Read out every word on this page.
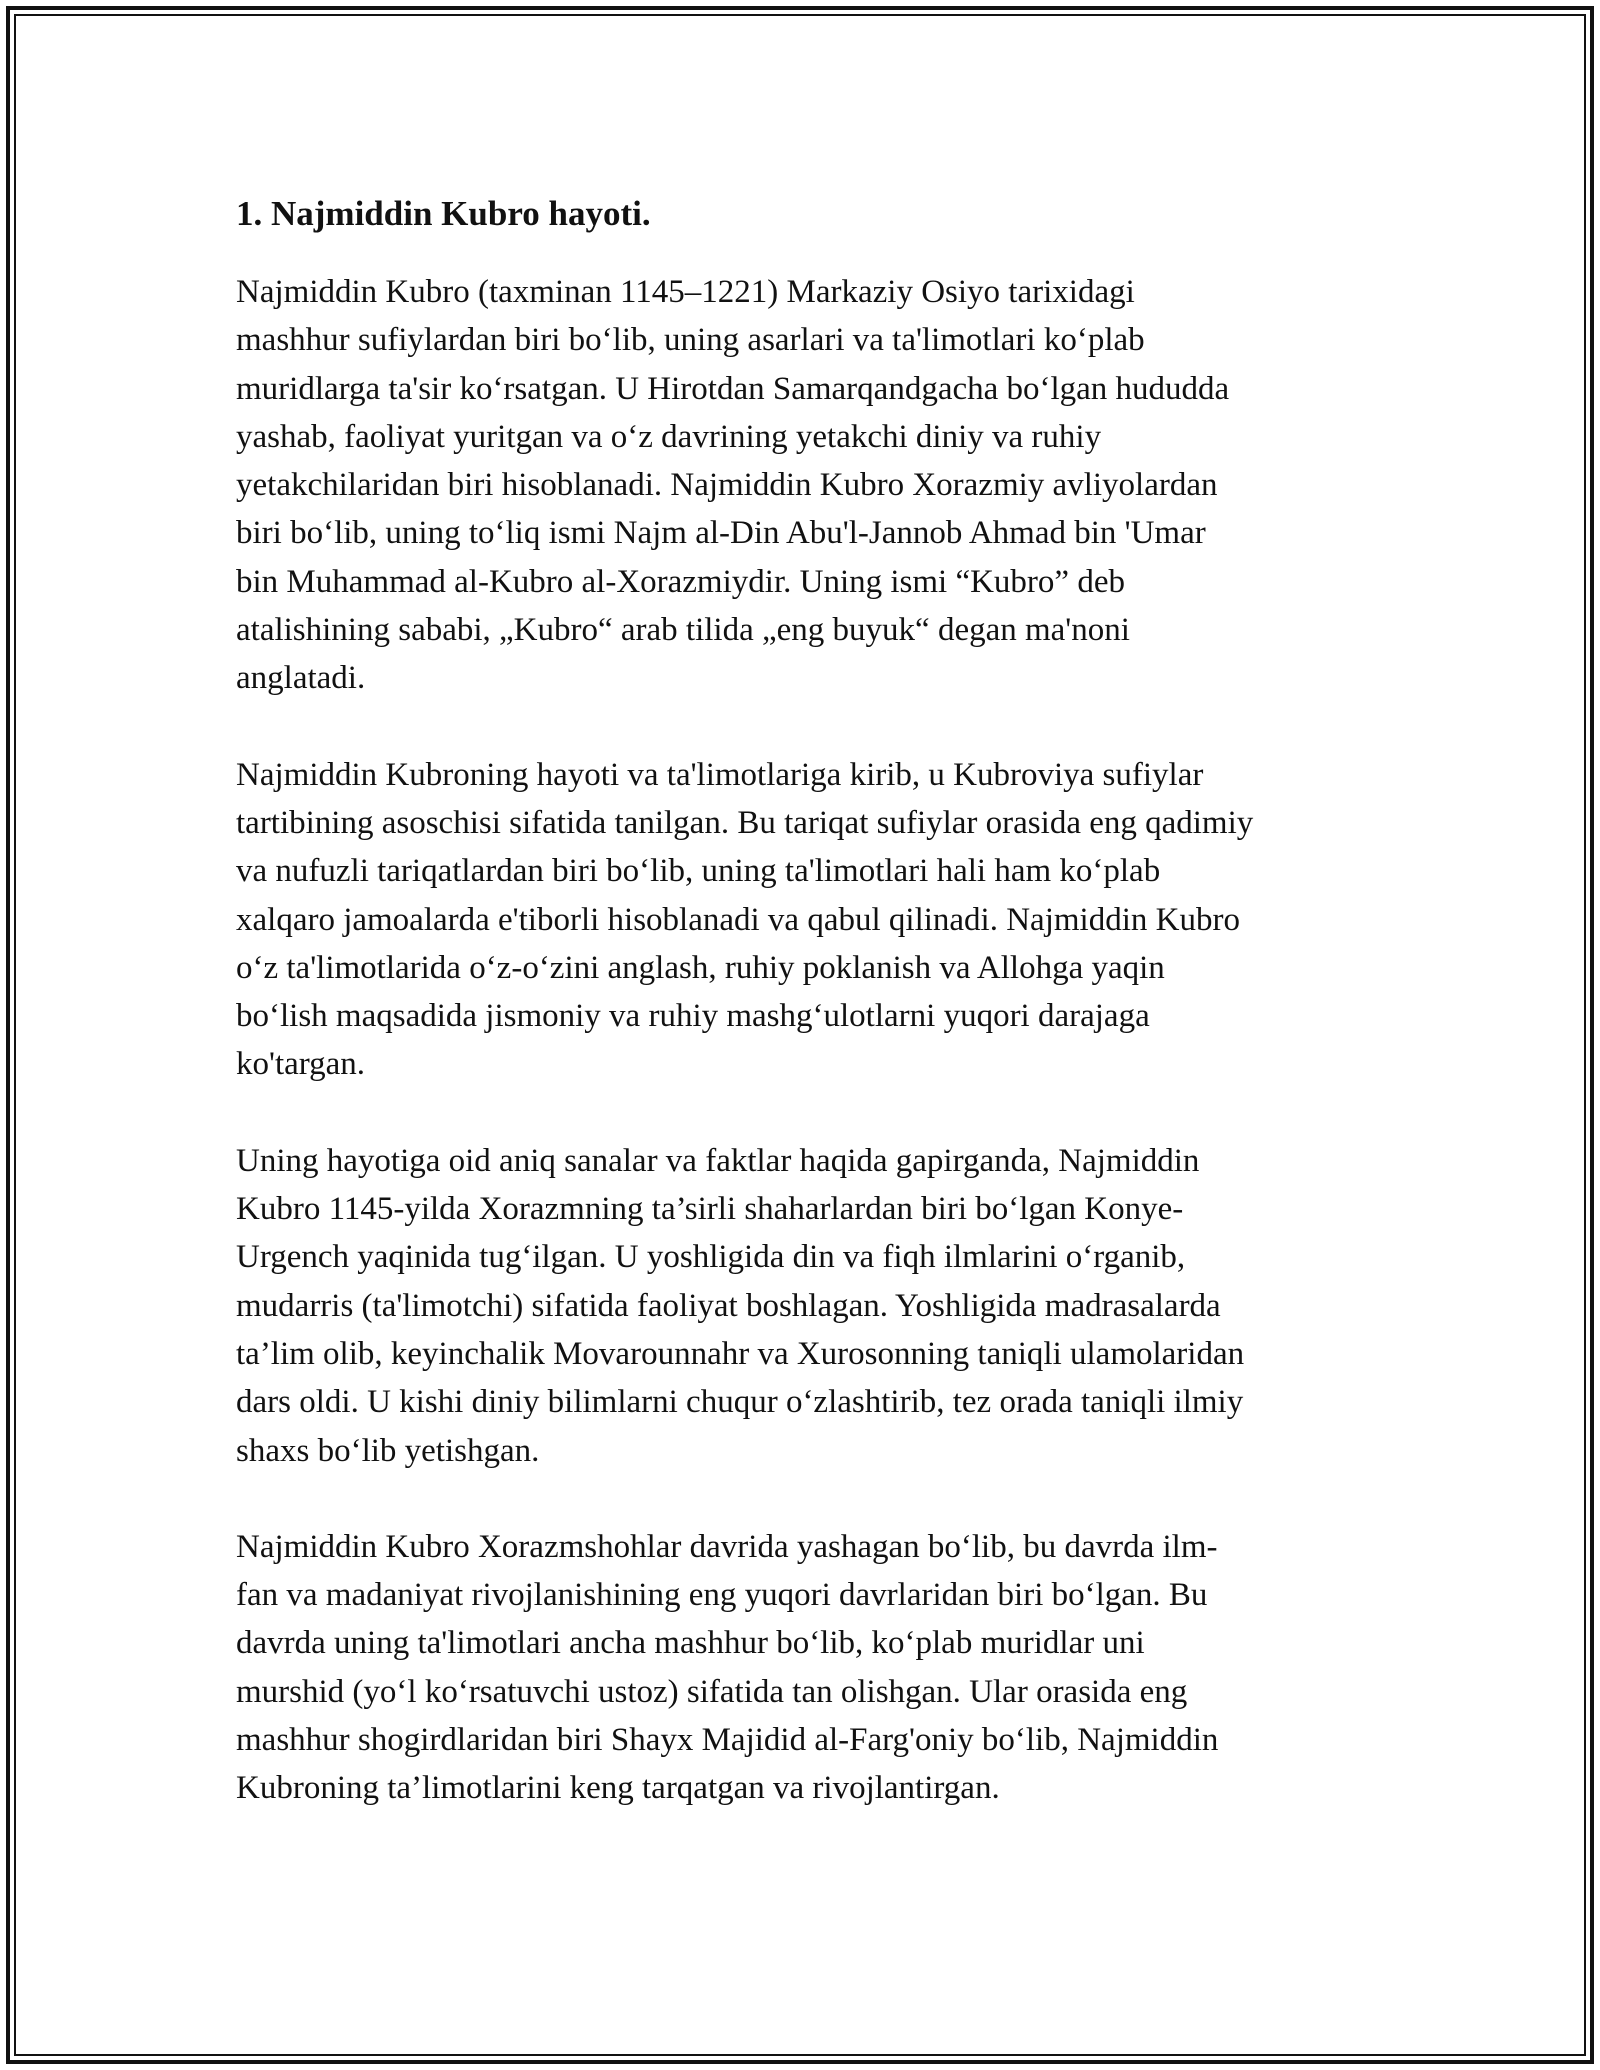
1. Najmiddin Kubro hayoti.

Najmiddin Kubro (taxminan 1145–1221) Markaziy Osiyo tarixidagi
mashhur sufiylardan biri boʻlib, uning asarlari va ta'limotlari koʻplab
muridlarga ta'sir koʻrsatgan. U Hirotdan Samarqandgacha boʻlgan hududda
yashab, faoliyat yuritgan va oʻz davrining yetakchi diniy va ruhiy
yetakchilaridan biri hisoblanadi. Najmiddin Kubro Xorazmiy avliyolardan
biri boʻlib, uning toʻliq ismi Najm al-Din Abu'l-Jannob Ahmad bin 'Umar
bin Muhammad al-Kubro al-Xorazmiydir. Uning ismi “Kubro” deb
atalishining sababi, „Kubro“ arab tilida „eng buyuk“ degan ma'noni
anglatadi.

Najmiddin Kubroning hayoti va ta'limotlariga kirib, u Kubroviya sufiylar
tartibining asoschisi sifatida tanilgan. Bu tariqat sufiylar orasida eng qadimiy
va nufuzli tariqatlardan biri boʻlib, uning ta'limotlari hali ham koʻplab
xalqaro jamoalarda e'tiborli hisoblanadi va qabul qilinadi. Najmiddin Kubro
oʻz ta'limotlarida oʻz-oʻzini anglash, ruhiy poklanish va Allohga yaqin
boʻlish maqsadida jismoniy va ruhiy mashgʻulotlarni yuqori darajaga
ko'targan.

Uning hayotiga oid aniq sanalar va faktlar haqida gapirganda, Najmiddin
Kubro 1145-yilda Xorazmning ta’sirli shaharlardan biri boʻlgan Konye-
Urgench yaqinida tugʻilgan. U yoshligida din va fiqh ilmlarini oʻrganib,
mudarris (ta'limotchi) sifatida faoliyat boshlagan. Yoshligida madrasalarda
ta’lim olib, keyinchalik Movarounnahr va Xurosonning taniqli ulamolaridan
dars oldi. U kishi diniy bilimlarni chuqur oʻzlashtirib, tez orada taniqli ilmiy
shaxs boʻlib yetishgan.

Najmiddin Kubro Xorazmshohlar davrida yashagan boʻlib, bu davrda ilm-
fan va madaniyat rivojlanishining eng yuqori davrlaridan biri boʻlgan. Bu
davrda uning ta'limotlari ancha mashhur boʻlib, koʻplab muridlar uni
murshid (yoʻl koʻrsatuvchi ustoz) sifatida tan olishgan. Ular orasida eng
mashhur shogirdlaridan biri Shayx Majidid al-Farg'oniy boʻlib, Najmiddin
Kubroning ta’limotlarini keng tarqatgan va rivojlantirgan.
